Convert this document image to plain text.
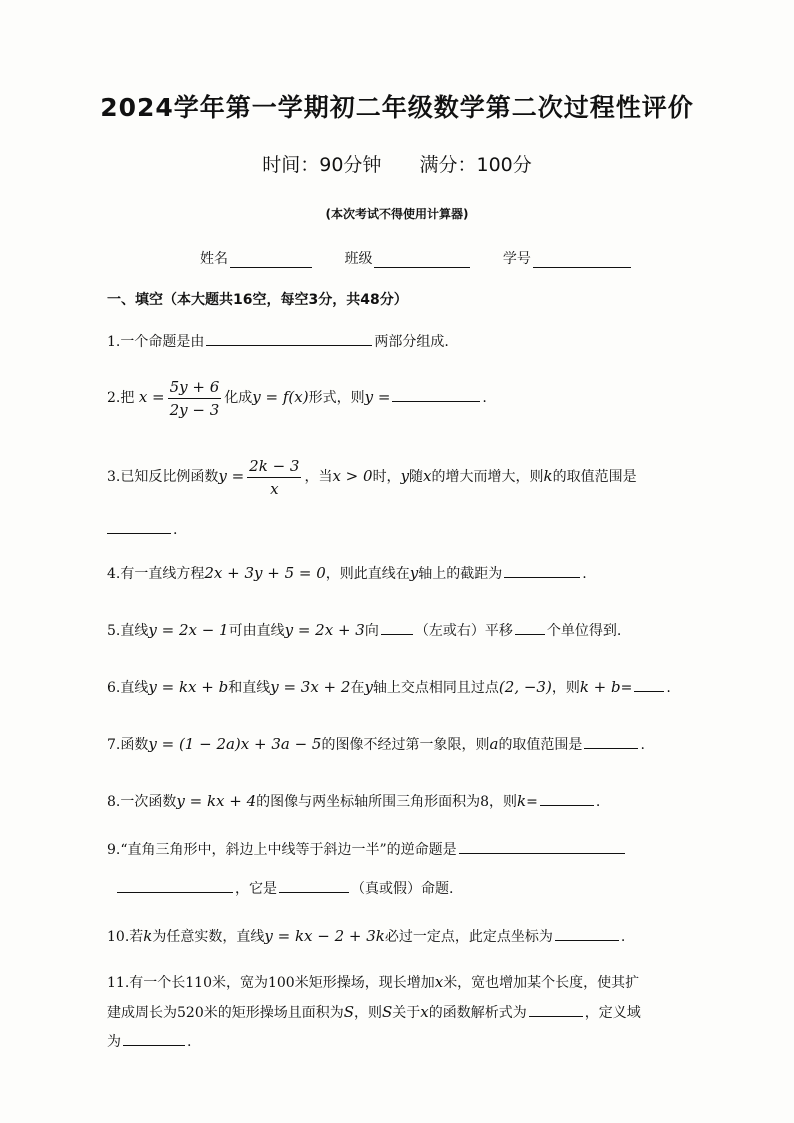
2024学年第一学期初二年级数学第二次过程性评价
时间：90分钟 满分：100分
(本次考试不得使用计算器)
姓名	班级	学号
一、填空（本大题共16空，每空3分，共48分）
1.一个命题是由	两部分组成.
2.把 $x = \frac{5y + 6}{2y - 3}$ 化成y = f(x)形式，则y =	.
3.已知反比例函数$y = \frac{2k - 3}{x}$ ，当x > 0时，y随x的增大而增大，则k的取值范围是
.
4.有一直线方程2x + 3y + 5 = 0，则此直线在y轴上的截距为	.
5.直线y = 2x − 1可由直线y = 2x + 3向	（左或右）平移 个单位得到.
6.直线y = kx + b和直线y = 3x + 2在y轴上交点相同且过点(2, −3)，则k + b= .
7.函数y = (1 − 2a)x + 3a − 5的图像不经过第一象限，则a的取值范围是	.
8.一次函数y = kx + 4的图像与两坐标轴所围三角形面积为8，则k=	.
9.“直角三角形中，斜边上中线等于斜边一半”的逆命题是
，它是	（真或假）命题.
10.若k为任意实数，直线y = kx − 2 + 3k必过一定点，此定点坐标为	.
11.有一个长110米，宽为100米矩形操场，现长增加x米，宽也增加某个长度，使其扩
建成周长为520米的矩形操场且面积为S，则S关于x的函数解析式为	，定义域
为	.
